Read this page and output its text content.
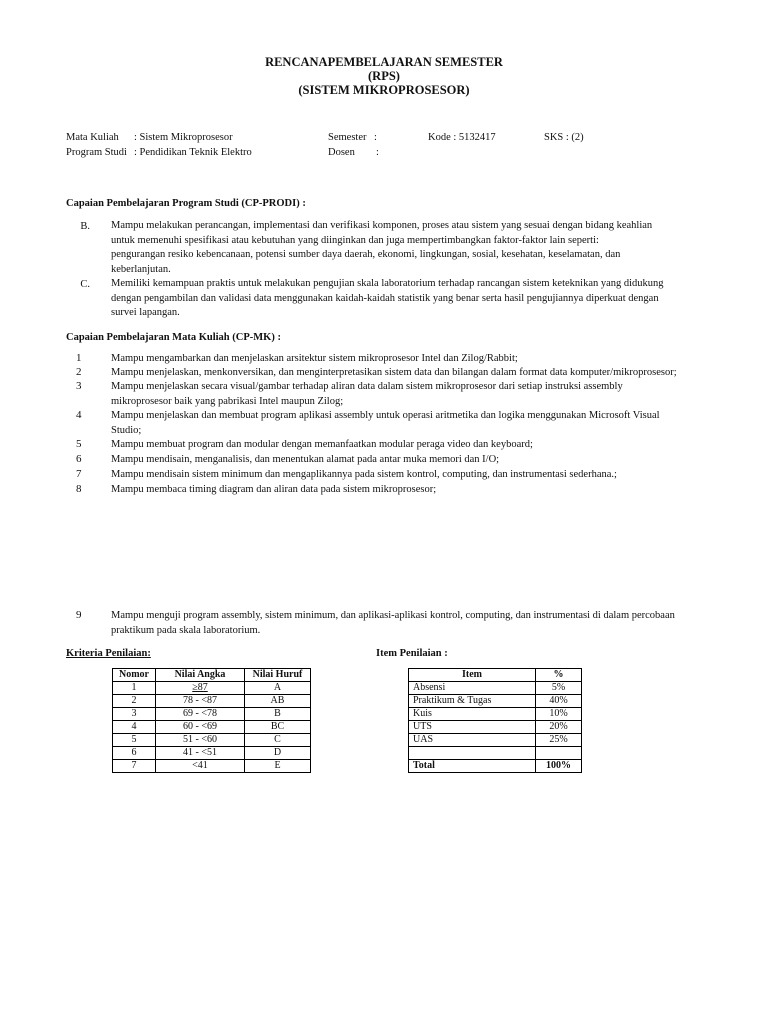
RENCANAPEMBELAJARAN SEMESTER
(RPS)
(SISTEM MIKROPROSESOR)
Mata Kuliah : Sistem Mikroprosesor
Program Studi : Pendidikan Teknik Elektro
Semester :
Dosen :
Kode : 5132417	SKS : (2)
Capaian Pembelajaran Program Studi (CP-PRODI) :
B. Mampu melakukan perancangan, implementasi dan verifikasi komponen, proses atau sistem yang sesuai dengan bidang keahlian
untuk memenuhi spesifikasi atau kebutuhan yang diinginkan dan juga mempertimbangkan faktor-faktor lain seperti:
pengurangan resiko kebencanaan, potensi sumber daya daerah, ekonomi, lingkungan, sosial, kesehatan, keselamatan, dan
keberlanjutan.
C. Memiliki kemampuan praktis untuk melakukan pengujian skala laboratorium terhadap rancangan sistem keteknikan yang didukung
dengan pengambilan dan validasi data menggunakan kaidah-kaidah statistik yang benar serta hasil pengujiannya diperkuat dengan
survei lapangan.
Capaian Pembelajaran Mata Kuliah (CP-MK) :
1	Mampu mengambarkan dan menjelaskan arsitektur sistem mikroprosesor Intel dan Zilog/Rabbit;
2	Mampu menjelaskan, menkonversikan, dan menginterpretasikan sistem data dan bilangan dalam format data komputer/mikroprosesor;
3	Mampu menjelaskan secara visual/gambar terhadap aliran data dalam sistem mikroprosesor dari setiap instruksi assembly
mikroprosesor baik yang pabrikasi Intel maupun Zilog;
4	Mampu menjelaskan dan membuat program aplikasi assembly untuk operasi aritmetika dan logika menggunakan Microsoft Visual
Studio;
5	Mampu membuat program dan modular dengan memanfaatkan modular peraga video dan keyboard;
6	Mampu mendisain, menganalisis, dan menentukan alamat pada antar muka memori dan I/O;
7	Mampu mendisain sistem minimum dan mengaplikannya pada sistem kontrol, computing, dan instrumentasi sederhana.;
8	Mampu membaca timing diagram dan aliran data pada sistem mikroprosesor;
9	Mampu menguji program assembly, sistem minimum, dan aplikasi-aplikasi kontrol, computing, dan instrumentasi di dalam percobaan
praktikum pada skala laboratorium.
Kriteria Penilaian:
Nomor	Nilai Angka	Nilai Huruf
1	≥87	A
2	78 - <87	AB
3	69 - <78	B
4	60 - <69	BC
5	51 - <60	C
6	41 - <51	D
7	<41	E
Item Penilaian :
Item	%
Absensi	5%
Praktikum & Tugas	40%
Kuis	10%
UTS	20%
UAS	25%

Total	100%
